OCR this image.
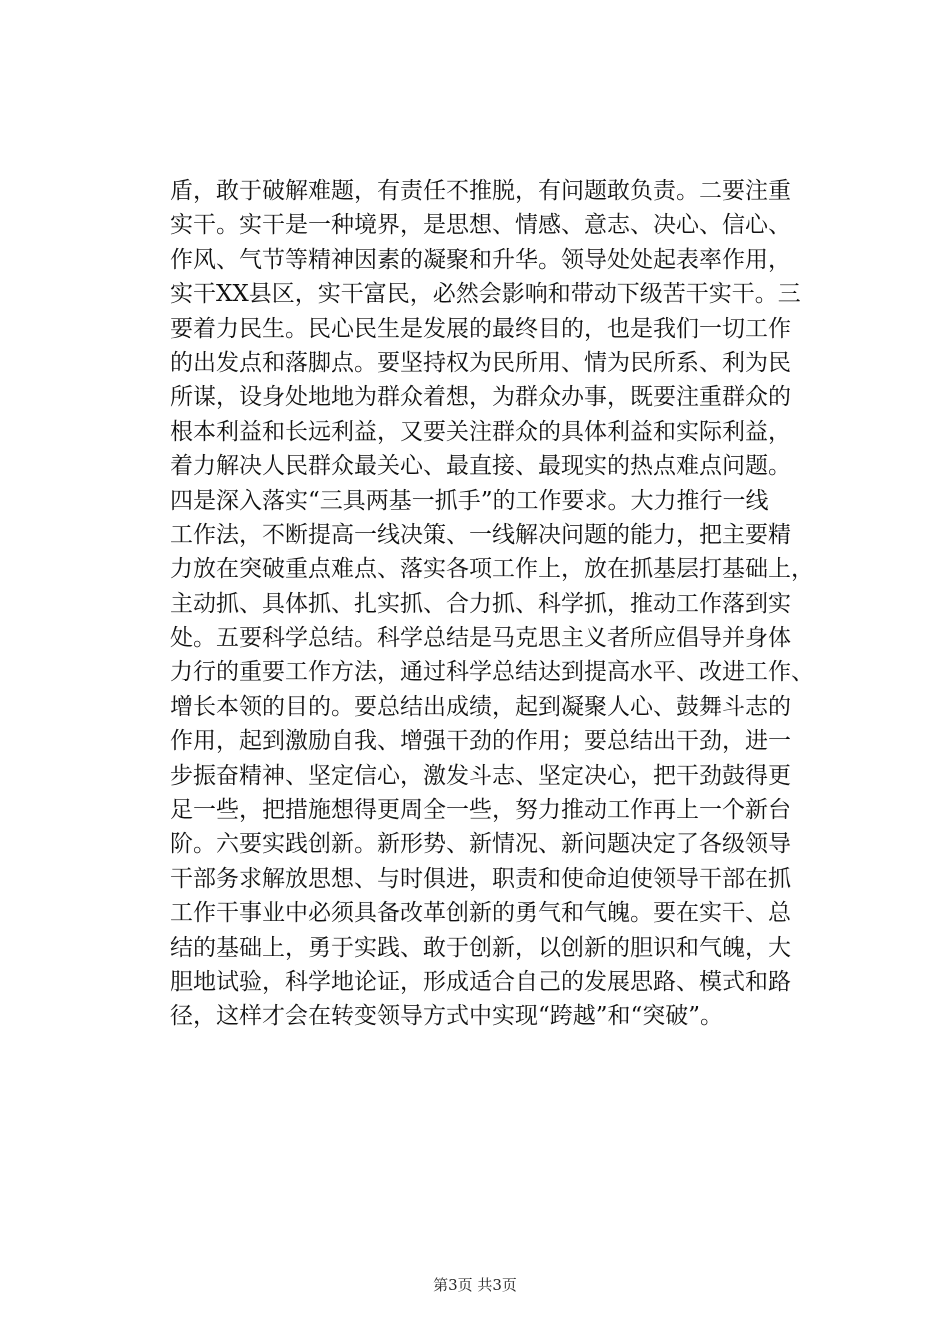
盾，敢于破解难题，有责任不推脱，有问题敢负责。二要注重
实干。实干是一种境界，是思想、情感、意志、决心、信心、
作风、气节等精神因素的凝聚和升华。领导处处起表率作用，
实干XX县区，实干富民，必然会影响和带动下级苦干实干。三
要着力民生。民心民生是发展的最终目的，也是我们一切工作
的出发点和落脚点。要坚持权为民所用、情为民所系、利为民
所谋，设身处地地为群众着想，为群众办事，既要注重群众的
根本利益和长远利益，又要关注群众的具体利益和实际利益，
着力解决人民群众最关心、最直接、最现实的热点难点问题。
四是深入落实“三具两基一抓手”的工作要求。大力推行一线
工作法，不断提高一线决策、一线解决问题的能力，把主要精
力放在突破重点难点、落实各项工作上，放在抓基层打基础上，
主动抓、具体抓、扎实抓、合力抓、科学抓，推动工作落到实
处。五要科学总结。科学总结是马克思主义者所应倡导并身体
力行的重要工作方法，通过科学总结达到提高水平、改进工作、
增长本领的目的。要总结出成绩，起到凝聚人心、鼓舞斗志的
作用，起到激励自我、增强干劲的作用；要总结出干劲，进一
步振奋精神、坚定信心，激发斗志、坚定决心，把干劲鼓得更
足一些，把措施想得更周全一些，努力推动工作再上一个新台
阶。六要实践创新。新形势、新情况、新问题决定了各级领导
干部务求解放思想、与时俱进，职责和使命迫使领导干部在抓
工作干事业中必须具备改革创新的勇气和气魄。要在实干、总
结的基础上，勇于实践、敢于创新，以创新的胆识和气魄，大
胆地试验，科学地论证，形成适合自己的发展思路、模式和路
径，这样才会在转变领导方式中实现“跨越”和“突破”。
第3页 共3页
